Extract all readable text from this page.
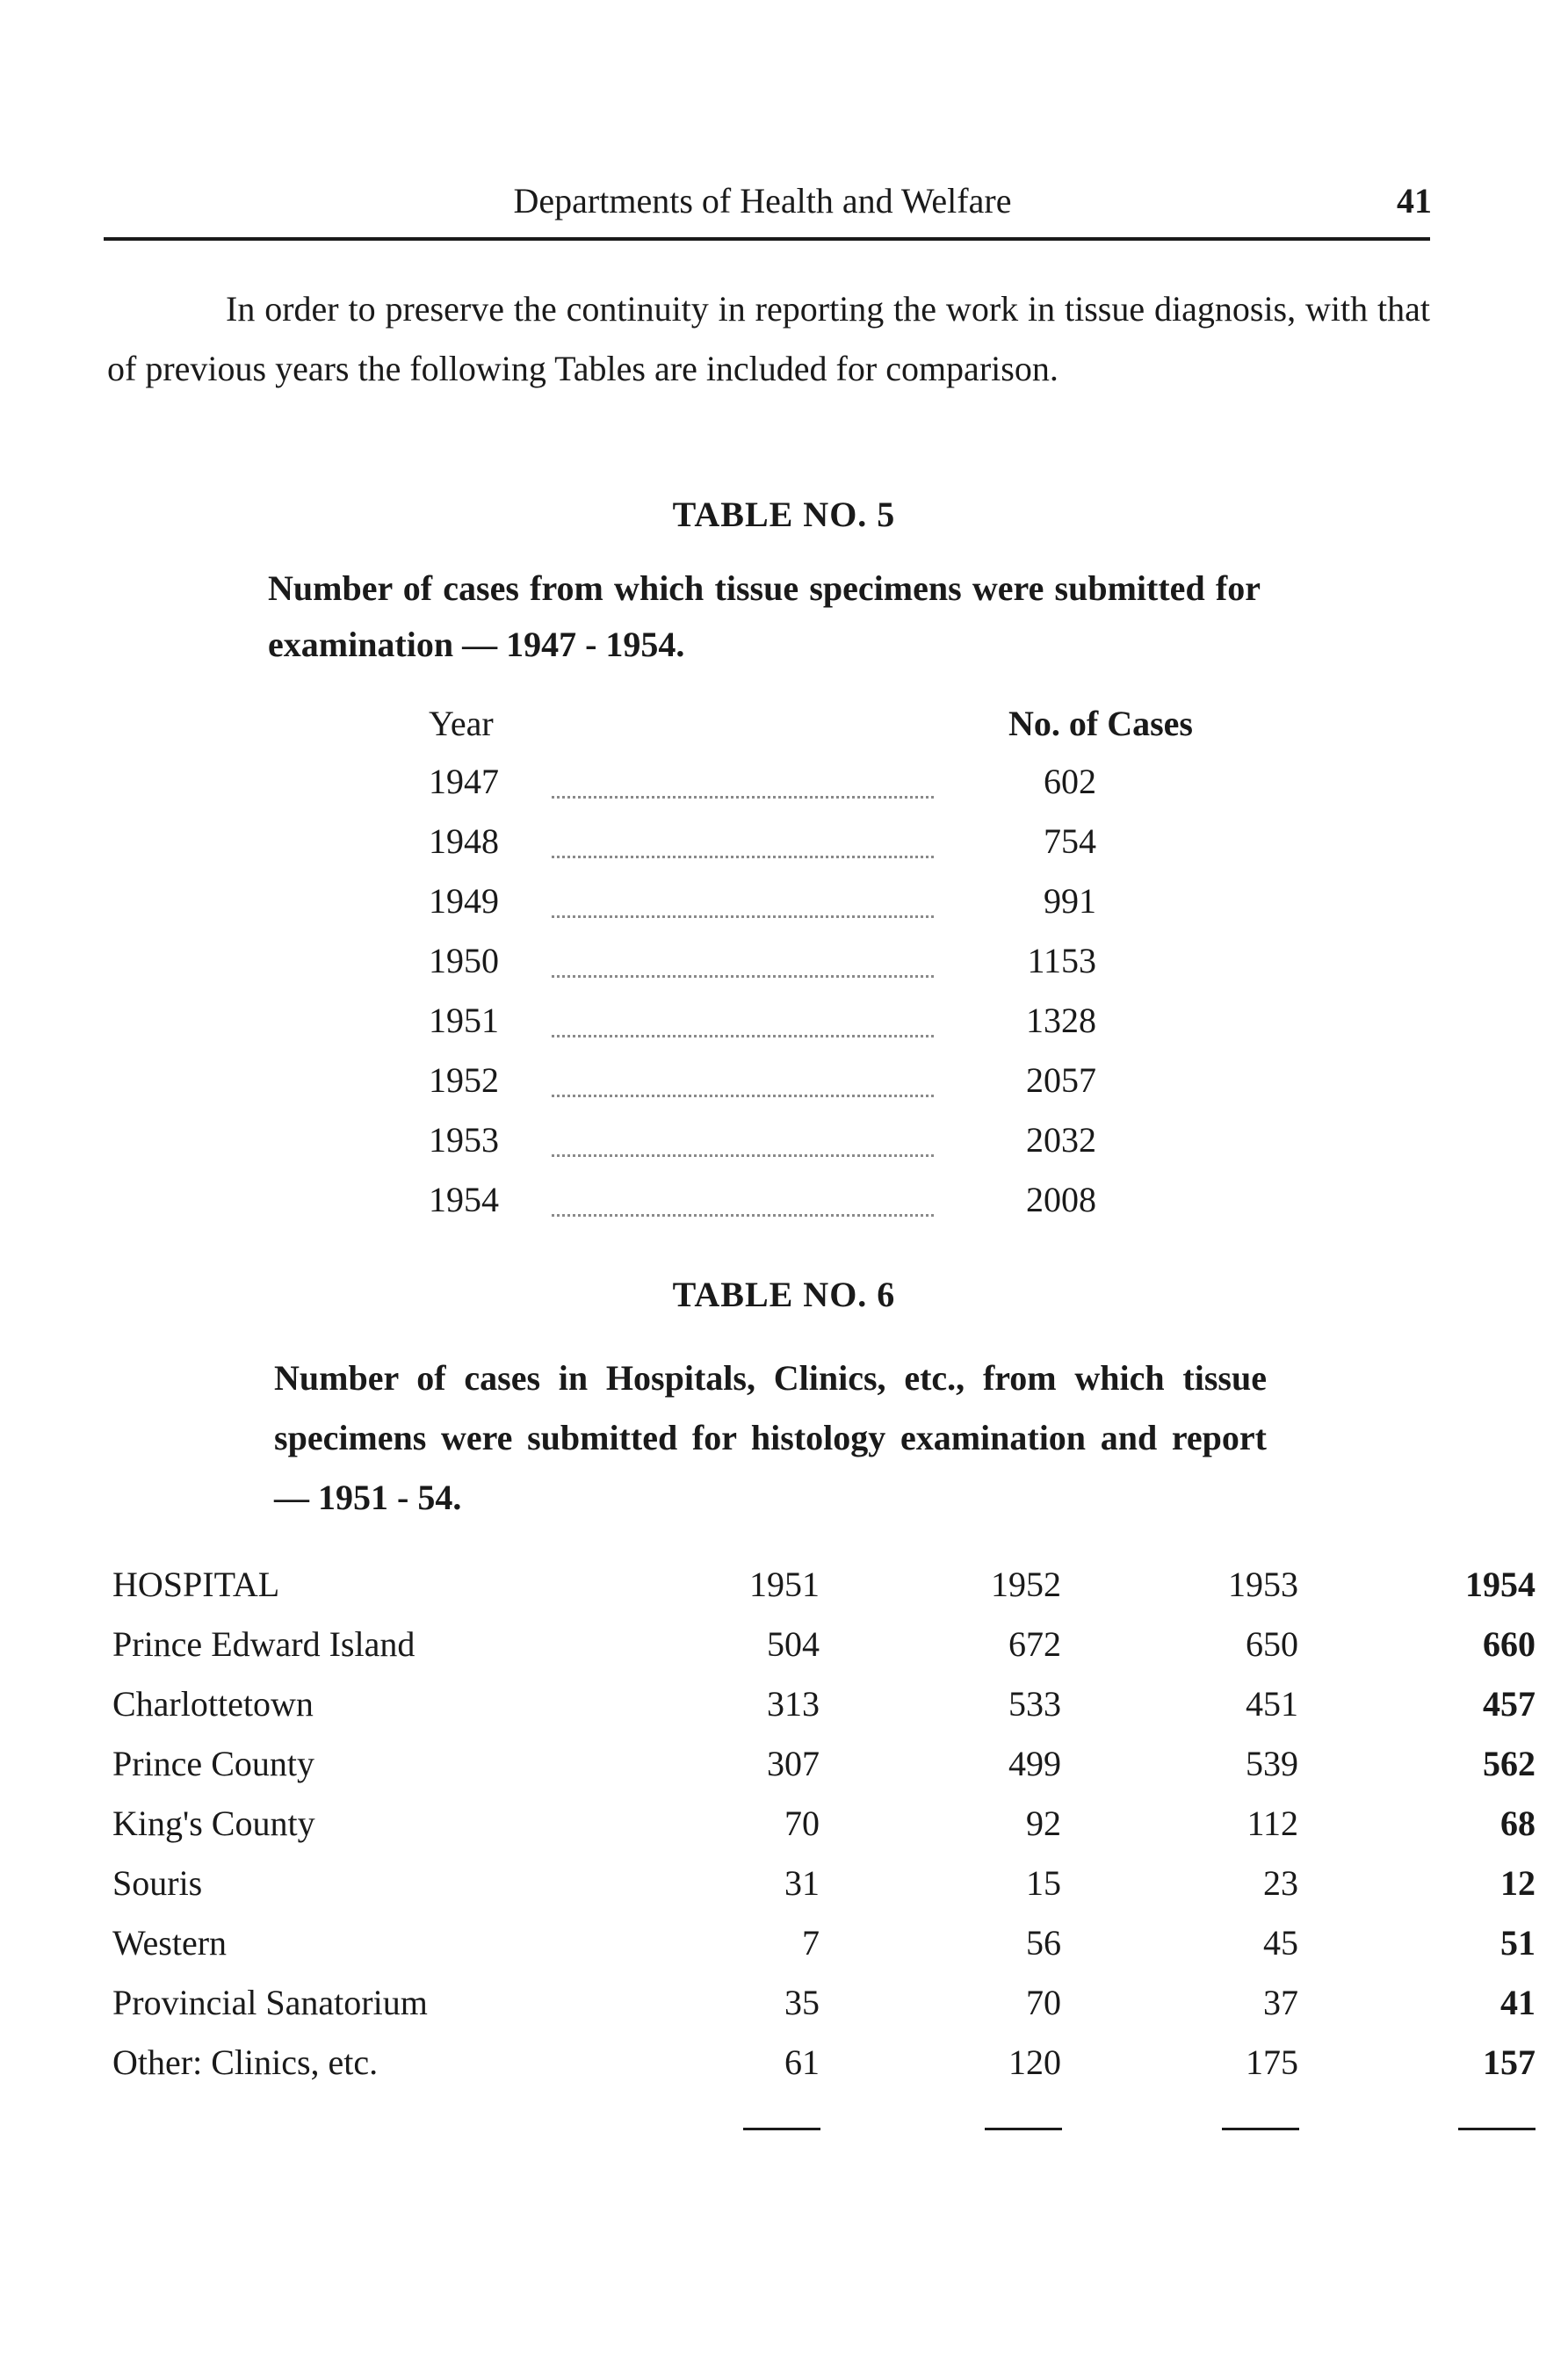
Departments of Health and Welfare	41

In order to preserve the continuity in reporting the work in tissue diagnosis, with that of previous years the following Tables are included for comparison.

TABLE NO. 5

Number of cases from which tissue specimens were submitted for examination — 1947 - 1954.

Year	No. of Cases
1947	602
1948	754
1949	991
1950	1153
1951	1328
1952	2057
1953	2032
1954	2008
TABLE NO. 6

Number of cases in Hospitals, Clinics, etc., from which tissue specimens were submitted for histology examination and report — 1951 - 54.

HOSPITAL	1951	1952	1953	1954
Prince Edward Island	504	672	650	660
Charlottetown	313	533	451	457
Prince County	307	499	539	562
King's County	70	92	112	68
Souris	31	15	23	12
Western	7	56	45	51
Provincial Sanatorium	35	70	37	41
Other: Clinics, etc.	61	120	175	157
